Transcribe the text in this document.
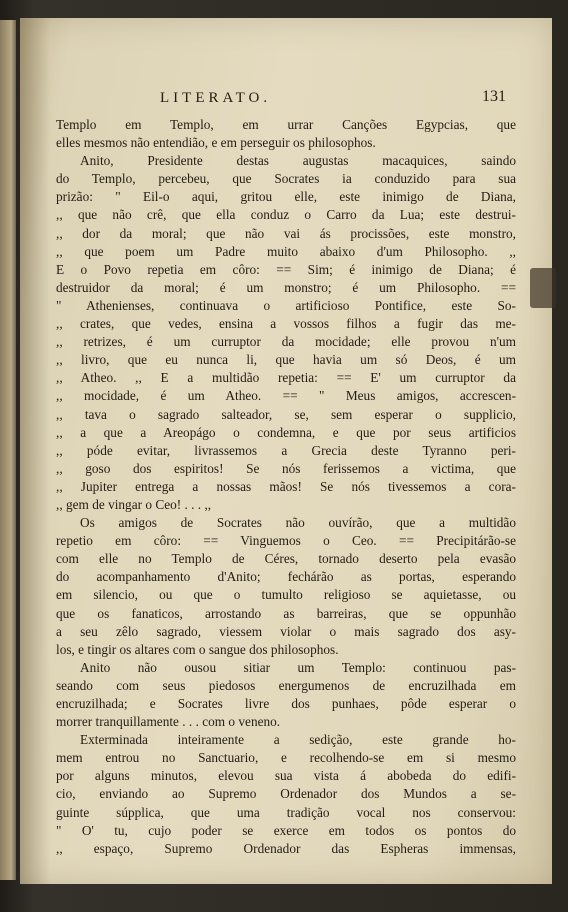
LITERATO.	131
Templo em Templo, em urrar Canções Egypcias, que
elles mesmos não entendião, e em perseguir os philosophos.
Anito, Presidente destas augustas macaquices, saindo
do Templo, percebeu, que Socrates ia conduzido para sua
prizão: " Eil-o aqui, gritou elle, este inimigo de Diana,
,, que não crê, que ella conduz o Carro da Lua; este destrui-
,, dor da moral; que não vai ás procissões, este monstro,
,, que poem um Padre muito abaixo d'um Philosopho. ,,
E o Povo repetia em côro: == Sim; é inimigo de Diana; é
destruidor da moral; é um monstro; é um Philosopho. ==
" Athenienses, continuava o artificioso Pontifice, este So-
,, crates, que vedes, ensina a vossos filhos a fugir das me-
,, retrizes, é um curruptor da mocidade; elle provou n'um
,, livro, que eu nunca li, que havia um só Deos, é um
,, Atheo. ,, E a multidão repetia: == E' um curruptor da
,, mocidade, é um Atheo. == " Meus amigos, accrescen-
,, tava o sagrado salteador, se, sem esperar o supplicio,
,, a que a Areopágo o condemna, e que por seus artificios
,, póde evitar, livrassemos a Grecia deste Tyranno peri-
,, goso dos espiritos! Se nós ferissemos a victima, que
,, Jupiter entrega a nossas mãos! Se nós tivessemos a cora-
,, gem de vingar o Ceo! . . . ,,
Os amigos de Socrates não ouvírão, que a multidão
repetio em côro: == Vinguemos o Ceo. == Precipitárão-se
com elle no Templo de Céres, tornado deserto pela evasão
do acompanhamento d'Anito; fechárão as portas, esperando
em silencio, ou que o tumulto religioso se aquietasse, ou
que os fanaticos, arrostando as barreiras, que se oppunhão
a seu zêlo sagrado, viessem violar o mais sagrado dos asy-
los, e tingir os altares com o sangue dos philosophos.
Anito não ousou sitiar um Templo: continuou pas-
seando com seus piedosos energumenos de encruzilhada em
encruzilhada; e Socrates livre dos punhaes, pôde esperar o
morrer tranquillamente . . . com o veneno.
Exterminada inteiramente a sedição, este grande ho-
mem entrou no Sanctuario, e recolhendo-se em si mesmo
por alguns minutos, elevou sua vista á abobeda do edifi-
cio, enviando ao Supremo Ordenador dos Mundos a se-
guinte súpplica, que uma tradição vocal nos conservou:
" O' tu, cujo poder se exerce em todos os pontos do
,, espaço, Supremo Ordenador das Espheras immensas,
